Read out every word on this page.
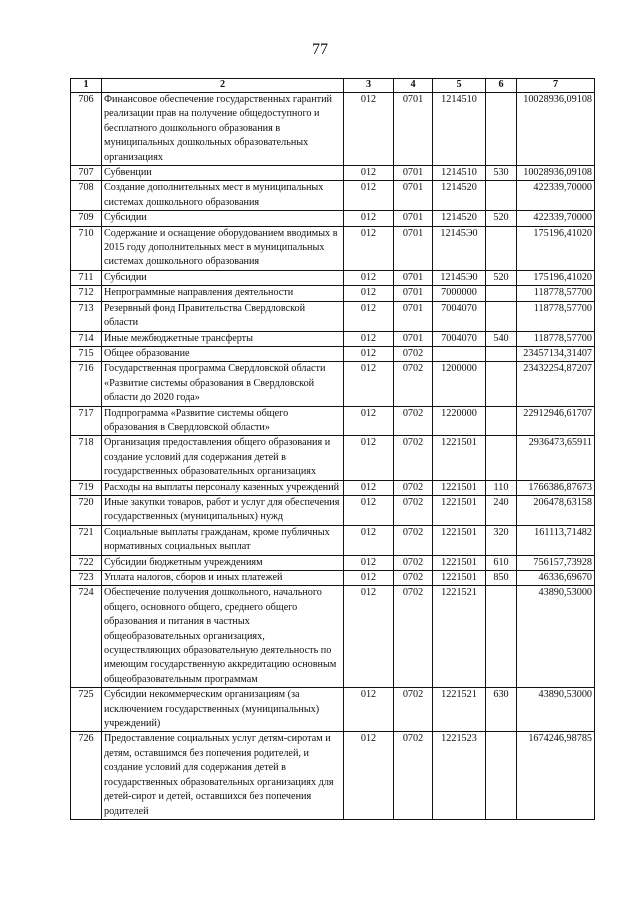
77
1	2	3	4	5	6	7
706	Финансовое обеспечение государственных гарантий реализации прав на получение общедоступного и бесплатного дошкольного образования в муниципальных дошкольных образовательных организациях	012	0701	1214510		10028936,09108
707	Субвенции	012	0701	1214510	530	10028936,09108
708	Создание дополнительных мест в муниципальных системах дошкольного образования	012	0701	1214520		422339,70000
709	Субсидии	012	0701	1214520	520	422339,70000
710	Содержание и оснащение оборудованием вводимых в 2015 году дополнительных мест в муниципальных системах дошкольного образования	012	0701	12145Э0		175196,41020
711	Субсидии	012	0701	12145Э0	520	175196,41020
712	Непрограммные направления деятельности	012	0701	7000000		118778,57700
713	Резервный фонд Правительства Свердловской области	012	0701	7004070		118778,57700
714	Иные межбюджетные трансферты	012	0701	7004070	540	118778,57700
715	Общее образование	012	0702			23457134,31407
716	Государственная программа Свердловской области «Развитие системы образования в Свердловской области до 2020 года»	012	0702	1200000		23432254,87207
717	Подпрограмма «Развитие системы общего образования в Свердловской области»	012	0702	1220000		22912946,61707
718	Организация предоставления общего образования и создание условий для содержания детей в государственных образовательных организациях	012	0702	1221501		2936473,65911
719	Расходы на выплаты персоналу казенных учреждений	012	0702	1221501	110	1766386,87673
720	Иные закупки товаров, работ и услуг для обеспечения государственных (муниципальных) нужд	012	0702	1221501	240	206478,63158
721	Социальные выплаты гражданам, кроме публичных нормативных социальных выплат	012	0702	1221501	320	161113,71482
722	Субсидии бюджетным учреждениям	012	0702	1221501	610	756157,73928
723	Уплата налогов, сборов и иных платежей	012	0702	1221501	850	46336,69670
724	Обеспечение получения дошкольного, начального общего, основного общего, среднего общего образования и питания в частных общеобразовательных организациях, осуществляющих образовательную деятельность по имеющим государственную аккредитацию основным общеобразовательным программам	012	0702	1221521		43890,53000
725	Субсидии некоммерческим организациям (за исключением государственных (муниципальных) учреждений)	012	0702	1221521	630	43890,53000
726	Предоставление социальных услуг детям-сиротам и детям, оставшимся без попечения родителей, и создание условий для содержания детей в государственных образовательных организациях для детей-сирот и детей, оставшихся без попечения родителей	012	0702	1221523		1674246,98785
